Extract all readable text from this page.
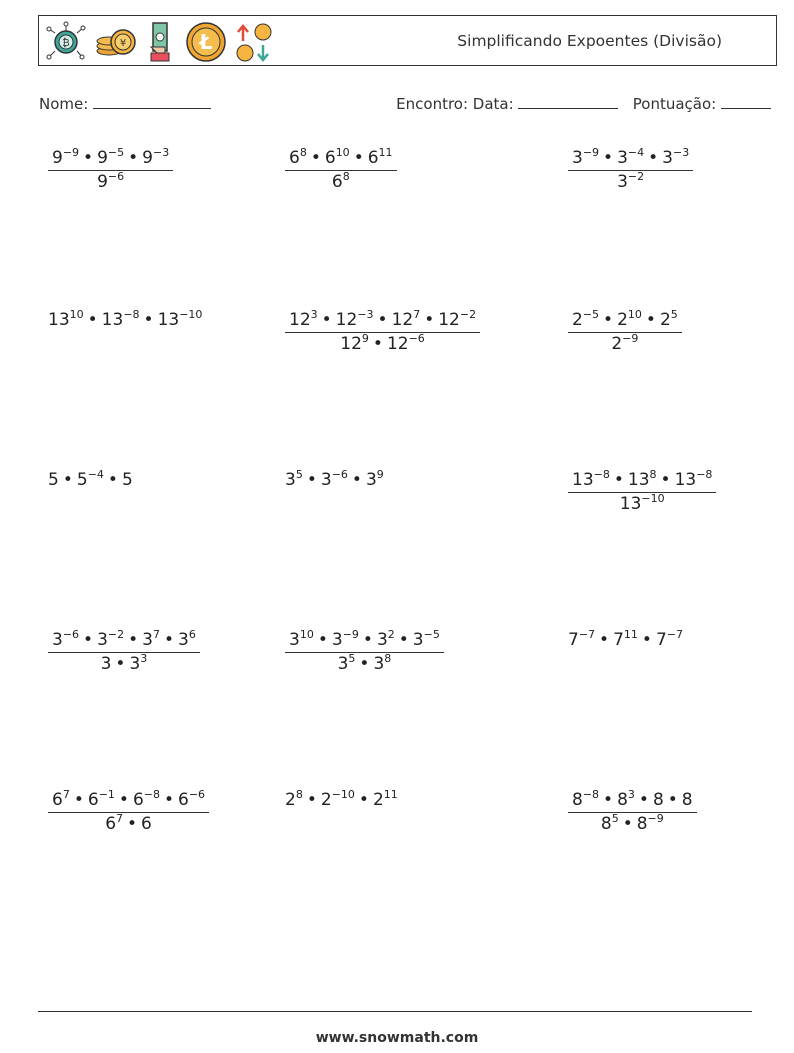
₿	¥	Ł	Simplificando Expoentes (Divisão)
Nome:	Encontro: Data:	Pontuação:
$\frac{9^{-9} • 9^{-5} • 9^{-3}}{9^{-6}}$	$\frac{6^8 • 6^{10} • 6^{11}}{6^8}$	$\frac{3^{-9} • 3^{-4} • 3^{-3}}{3^{-2}}$
$13^{10}$ • $13^{-8}$ • $13^{-10}$	$\frac{12^3 • 12^{-3} • 12^7 • 12^{-2}}{12^9 • 12^{-6}}$	$\frac{2^{-5} • 2^{10} • 2^5}{2^{-9}}$
5 • $5^{-4}$ • 5	$3^5$ • $3^{-6}$ • $3^9$	$\frac{13^{-8} • 13^8 • 13^{-8}}{13^{-10}}$
$\frac{3^{-6} • 3^{-2} • 3^7 • 3^6}{3 • 3^3}$	$\frac{3^{10} • 3^{-9} • 3^2 • 3^{-5}}{3^5 • 3^8}$	$7^{-7}$ • $7^{11}$ • $7^{-7}$
$\frac{6^7 • 6^{-1} • 6^{-8} • 6^{-6}}{6^7 • 6}$	$2^8$ • $2^{-10}$ • $2^{11}$	$\frac{8^{-8} • 8^3 • 8 • 8}{8^5 • 8^{-9}}$
www.snowmath.com
